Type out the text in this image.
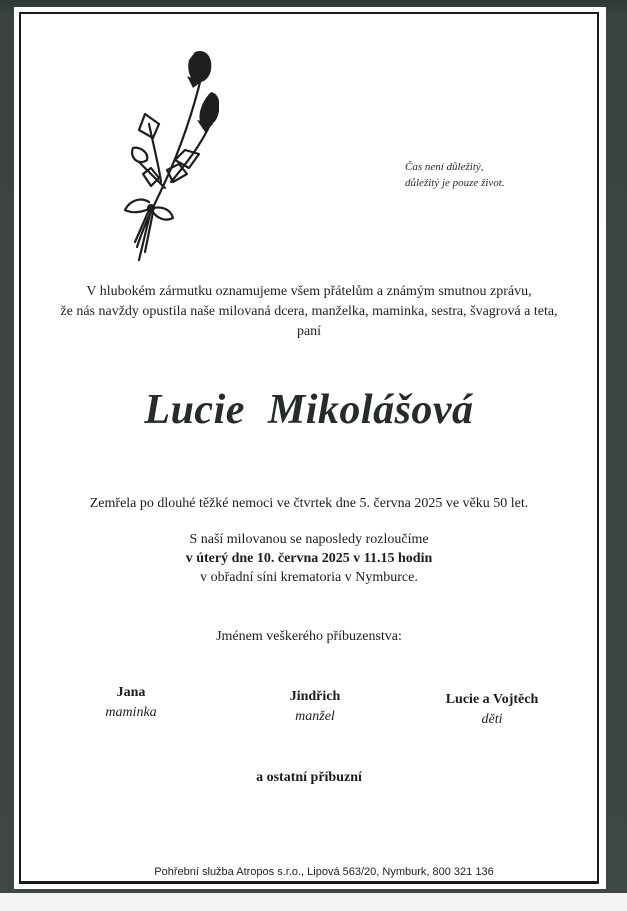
Čas není důležitý,
důležitý je pouze život.
V hlubokém zármutku oznamujeme všem přátelům a známým smutnou zprávu,
že nás navždy opustila naše milovaná dcera, manželka, maminka, sestra, švagrová a teta,
paní
Lucie Mikolášová
Zemřela po dlouhé těžké nemoci ve čtvrtek dne 5. června 2025 ve věku 50 let.
S naší milovanou se naposledy rozloučíme
v úterý dne 10. června 2025 v 11.15 hodin
v obřadní síni krematoria v Nymburce.
Jménem veškerého příbuzenstva:
Jana
maminka
Jindřich
manžel
Lucie a Vojtěch
děti
a ostatní příbuzní
Pohřební služba Atropos s.r.o., Lipová 563/20, Nymburk, 800 321 136
